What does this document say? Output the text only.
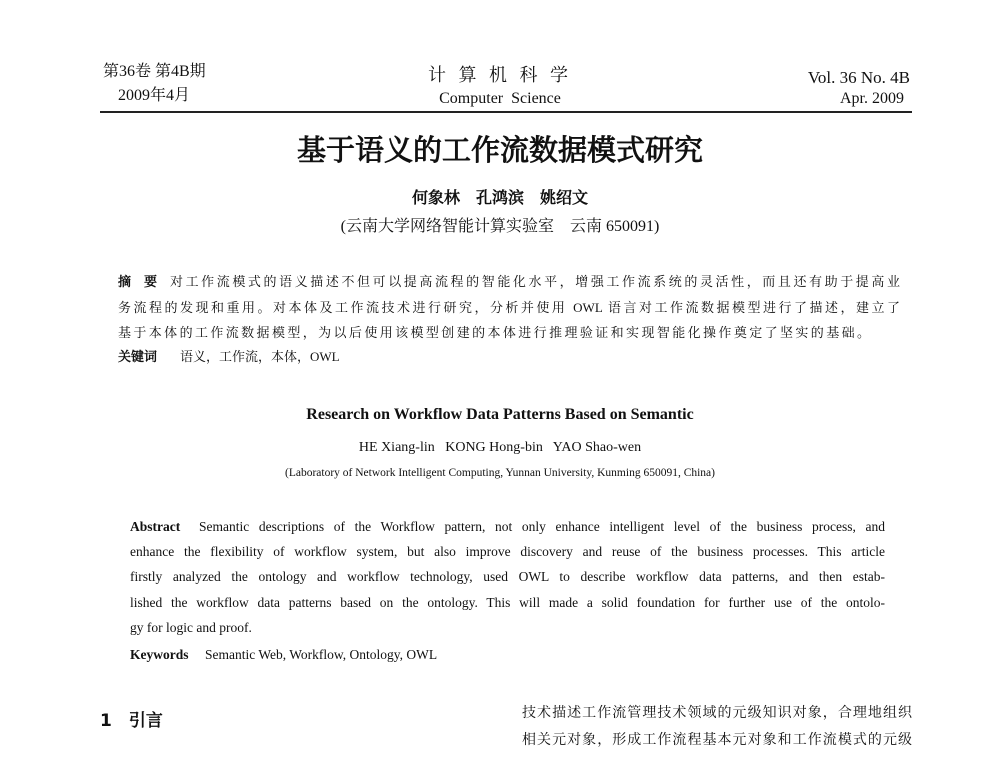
第36卷 第4B期
2009年4月
计 算 机 科 学
Computer  Science
Vol. 36 No. 4B
Apr. 2009
基于语义的工作流数据模式研究
何象林　孔鸿滨　姚绍文
(云南大学网络智能计算实验室　云南 650091)
摘　要 对工作流模式的语义描述不但可以提高流程的智能化水平，增强工作流系统的灵活性，而且还有助于提高业
务流程的发现和重用。对本体及工作流技术进行研究，分析并使用 OWL 语言对工作流数据模型进行了描述，建立了
基于本体的工作流数据模型，为以后使用该模型创建的本体进行推理验证和实现智能化操作奠定了坚实的基础。
关键词 语义，工作流，本体，OWL
Research on Workflow Data Patterns Based on Semantic
HE Xiang-lin   KONG Hong-bin   YAO Shao-wen
(Laboratory of Network Intelligent Computing, Yunnan University, Kunming 650091, China)
Abstract Semantic descriptions of the Workflow pattern, not only enhance intelligent level of the business process, and
enhance the flexibility of workflow system, but also improve discovery and reuse of the business processes. This article
firstly analyzed the ontology and workflow technology, used OWL to describe workflow data patterns, and then estab-
lished the workflow data patterns based on the ontology. This will made a solid foundation for further use of the ontolo-
gy for logic and proof.
Keywords Semantic Web, Workflow, Ontology, OWL
1　引言	技术描述工作流管理技术领域的元级知识对象，合理地组织
相关元对象，形成工作流程基本元对象和工作流模式的元级
